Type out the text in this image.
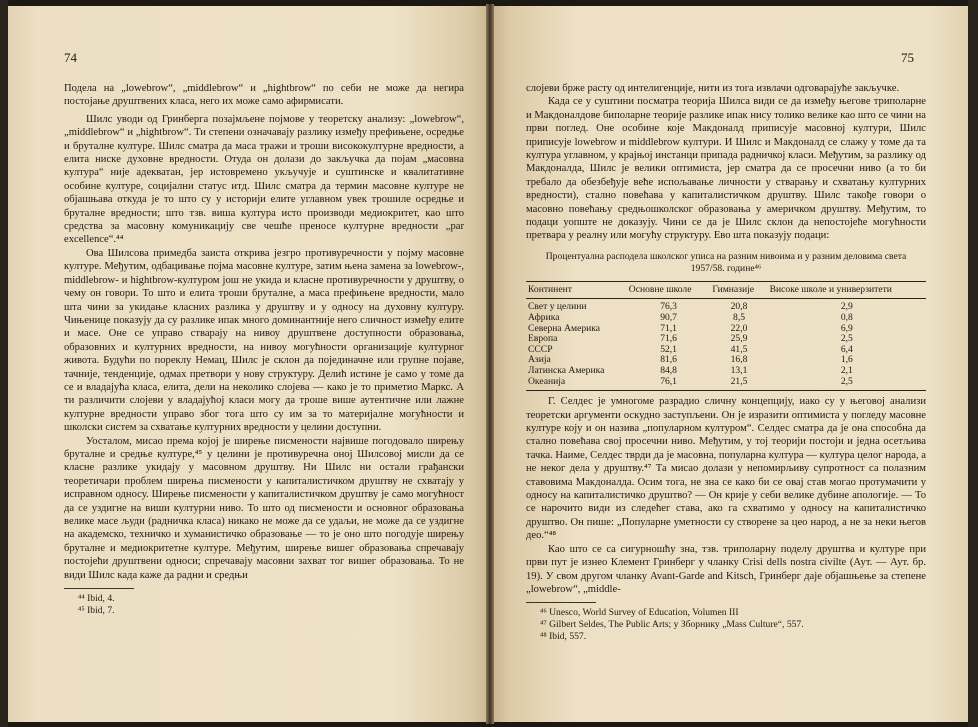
74

Подела на „lowebrow“, „middlebrow“ и „hightbrow“ по себи не може да негира постојање друштвених класа, него их може само афирмисати.

Шилс уводи од Гринберга позајмљене појмове у теоретску анализу: „lowebrow“, „middlebrow“ и „hightbrow“. Ти степени означавају разлику између префињене, осредње и бруталне културе. Шилс сматра да маса тражи и троши висококултурне вредности, а елита нискe духовне вредности. Отуда он долази до закључка да појам „масовна култура“ није адекватан, јер истовремено укључује и суштинске и квалитативне особине културе, социјални статус итд. Шилс сматра да термин масовне културе не објашњава откуда је то што су у историји елите углавном увек трошиле осредње и бруталне вредности; што тзв. виша култура исто производи медиокритет, као што средства за масовну комуникацију све чешће преносе културне вредности „par excellence“.⁴⁴

Ова Шилсова примедба заиста открива језгро противуречности у појму масовне културе. Међутим, одбацивање појма масовне културе, затим њена замена за lowebrow-, middlebrow- и hightbrow-културом још не укида и класне противуречности у друштву, о чему он говори. То што и елита троши бруталне, а маса префињене вредности, мало шта чини за укидање класних разлика у друштву и у односу на духовну културу. Чињенице показују да су разлике ипак много доминантније него сличност између елите и масе. Оне се управо стварају на нивоу друштвене доступности образовања, образовних и културних вредности, на нивоу могућности организације културног живота. Будући по пореклу Немац, Шилс је склон да појединачне или групне појаве, тачније, тенденције, одмах претвори у нову структуру. Делић истине је само у томе да се и владајућа класа, елита, дели на неколико слојева — како је то приметио Маркс. А ти различити слојеви у владајућој класи могу да троше више аутентичне или лажне културне вредности управо због тога што су им за то материјалне могућности и школски систем за схватање културних вредности у целини доступни.

Уосталом, мисао према којој је ширење писмености највише погодовало ширењу бруталне и средње културе,⁴⁵ у целини је противуречна оној Шилсовој мисли да се класне разлике укидају у масовном друштву. Ни Шилс ни остали грађански теоретичари проблем ширења писмености у капиталистичком друштву не схватају у исправном односу. Ширење писмености у капиталистичком друштву је само могућност да се уздигне на виши културни ниво. То што од писмености и основног образовања велике масе људи (радничка класа) никако не може да се удаљи, не може да се уздигне на академско, техничко и хуманистичко образовање — то је оно што погодује ширењу бруталне и медиокритетне културе. Међутим, ширење вишег образовања спречавају постојећи друштвени односи; спречавају масовни захват тог вишег образовања. То не види Шилс када каже да радни и средњи

⁴⁴ Ibid, 4.
⁴⁵ Ibid, 7.
75

слојеви брже расту од интелигенције, нити из тога извлачи одговарајуће закључке.

Када се у суштини посматра теорија Шилса види се да између његове триполарне и Макдоналдове биполарне теорије разлике ипак нису толико велике као што се чини на први поглед. Оне особине које Макдоналд приписује масовној култури, Шилс приписује lowebrow и middlebrow култури. И Шилс и Макдоналд се слажу у томе да та култура углавном, у крајњој инстанци припада радничкој класи. Међутим, за разлику од Макдоналда, Шилс је велики оптимиста, јер сматра да се просечни ниво (а то би требало да обезбеђује веће испољавање личности у стварању и схватању културних вредности), стално повећава у капиталистичком друштву. Шилс такође говори о масовно повећању средњошколског образовања у америчком друштву. Међутим, то подаци уопште не доказују. Чини се да је Шилс склон да непостојеће могућности претвара у реалну или могућу структуру. Ево шта показују подаци:

Процентуална расподела школског уписа на разним нивоима и у разним деловима света 1957/58. године⁴⁶
Континент	Основне школе	Гимназије	Високе школе и универзитети
Свет у целини	76,3	20,8	2,9
Африка	90,7	8,5	0,8
Северна Америка	71,1	22,0	6,9
Европа	71,6	25,9	2,5
СССР	52,1	41,5	6,4
Азија	81,6	16,8	1,6
Латинска Америка	84,8	13,1	2,1
Океанија	76,1	21,5	2,5

Г. Селдес је умногоме разрадио сличну концепцију, иако су у његовој анализи теоретски аргументи оскудно заступљени. Он је изразити оптимиста у погледу масовне културе коју и он назива „популарном културом“. Селдес сматра да је она способна да стално повећава свој просечни ниво. Међутим, у тој теорији постоји и једна осетљива тачка. Наиме, Селдес тврди да је масовна, популарна култура — култура целог народа, а не неког дела у друштву.⁴⁷ Та мисао долази у непомирљиву супротност са полазним ставовима Макдоналда. Осим тога, не зна се како би се овај став могао протумачити у односу на капиталистичко друштво? — Он крије у себи велике дубине апологије. — То се нарочито види из следећег става, ако га схватимо у односу на капиталистичко друштво. Он пише: „Популарне уметности су створене за цео народ, а не за неки његов део.“⁴⁸

Као што се са сигурношћу зна, тзв. триполарну поделу друштва и културе при први пут је изнео Клемент Гринберг у чланку Crisi dells nostra civilte (Аут. — Аут. бр. 19). У свом другом чланку Avant-Garde and Kitsch, Гринберг даје објашњење за степене „lowebrow“, „middle-

⁴⁶ Unesco, World Survey of Education, Volumen III
⁴⁷ Gilbert Seldes, The Public Arts; у Зборнику „Mass Culture“, 557.
⁴⁸ Ibid, 557.
